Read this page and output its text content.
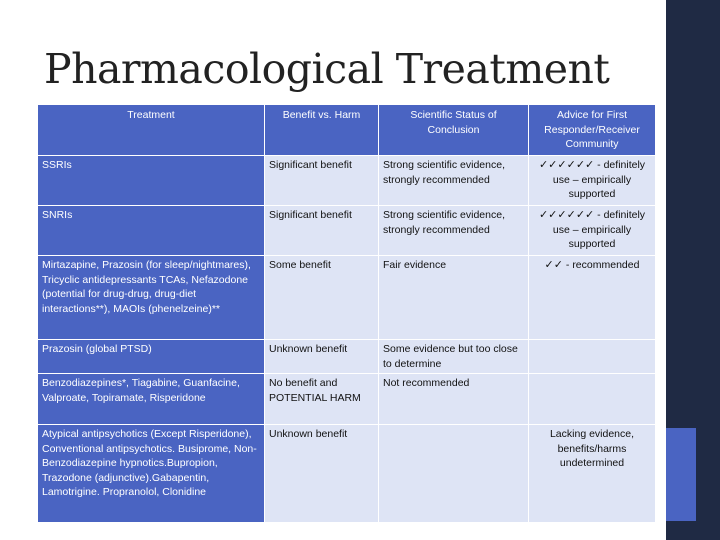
Pharmacological Treatment
Treatment	Benefit vs. Harm	Scientific Status of Conclusion	Advice for First Responder/Receiver Community
SSRIs	Significant benefit	Strong scientific evidence, strongly recommended	✓✓✓✓✓✓ - definitely use – empirically supported
SNRIs	Significant benefit	Strong scientific evidence, strongly recommended	✓✓✓✓✓✓ - definitely use – empirically supported
Mirtazapine, Prazosin (for sleep/nightmares), Tricyclic antidepressants TCAs, Nefazodone (potential for drug-drug, drug-diet interactions**), MAOIs (phenelzeine)**	Some benefit	Fair evidence	✓✓ - recommended
Prazosin (global PTSD)	Unknown benefit	Some evidence but too close to determine	
Benzodiazepines*, Tiagabine, Guanfacine, Valproate, Topiramate, Risperidone	No benefit and POTENTIAL HARM	Not recommended	
Atypical antipsychotics (Except Risperidone), Conventional antipsychotics. Busiprome, Non-Benzodiazepine hypnotics.Bupropion, Trazodone (adjunctive).Gabapentin, Lamotrigine. Propranolol, Clonidine	Unknown benefit		Lacking evidence, benefits/harms undetermined
